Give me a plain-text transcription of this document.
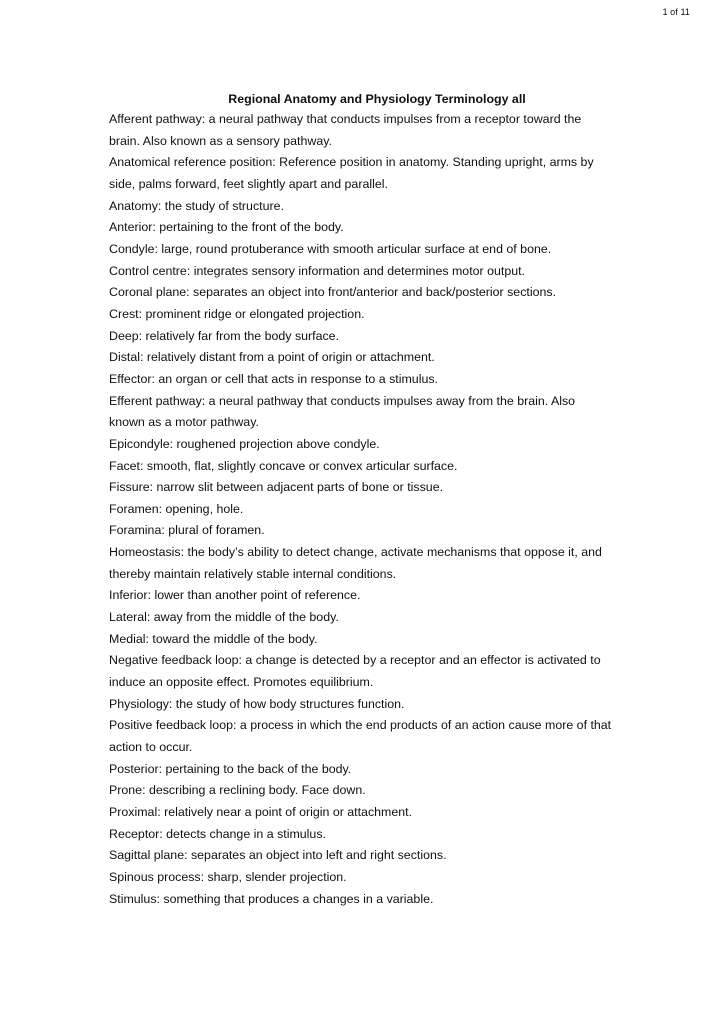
1 of 11
Regional Anatomy and Physiology Terminology all
Afferent pathway: a neural pathway that conducts impulses from a receptor toward the brain. Also known as a sensory pathway.
Anatomical reference position: Reference position in anatomy. Standing upright, arms by side, palms forward, feet slightly apart and parallel.
Anatomy: the study of structure.
Anterior: pertaining to the front of the body.
Condyle: large, round protuberance with smooth articular surface at end of bone.
Control centre: integrates sensory information and determines motor output.
Coronal plane: separates an object into front/anterior and back/posterior sections.
Crest: prominent ridge or elongated projection.
Deep: relatively far from the body surface.
Distal: relatively distant from a point of origin or attachment.
Effector: an organ or cell that acts in response to a stimulus.
Efferent pathway: a neural pathway that conducts impulses away from the brain. Also known as a motor pathway.
Epicondyle: roughened projection above condyle.
Facet: smooth, flat, slightly concave or convex articular surface.
Fissure: narrow slit between adjacent parts of bone or tissue.
Foramen: opening, hole.
Foramina: plural of foramen.
Homeostasis: the body’s ability to detect change, activate mechanisms that oppose it, and thereby maintain relatively stable internal conditions.
Inferior: lower than another point of reference.
Lateral: away from the middle of the body.
Medial: toward the middle of the body.
Negative feedback loop: a change is detected by a receptor and an effector is activated to induce an opposite effect. Promotes equilibrium.
Physiology: the study of how body structures function.
Positive feedback loop: a process in which the end products of an action cause more of that action to occur.
Posterior: pertaining to the back of the body.
Prone: describing a reclining body. Face down.
Proximal: relatively near a point of origin or attachment.
Receptor: detects change in a stimulus.
Sagittal plane: separates an object into left and right sections.
Spinous process: sharp, slender projection.
Stimulus: something that produces a changes in a variable.
